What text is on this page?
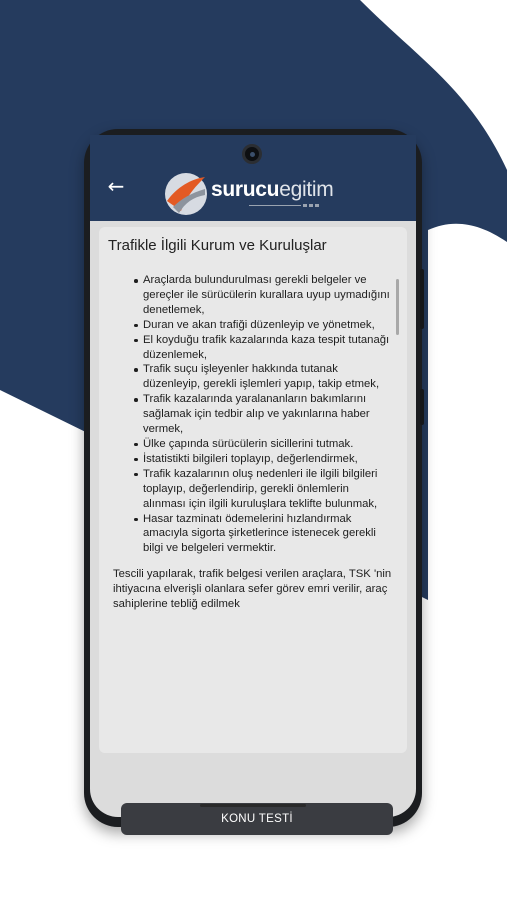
←	surucuegitim
Trafikle İlgili Kurum ve Kuruluşlar
Araçlarda bulundurulması gerekli belgeler ve gereçler ile sürücülerin kurallara uyup uymadığını denetlemek,
Duran ve akan trafiği düzenleyip ve yönetmek,
El koyduğu trafik kazalarında kaza tespit tutanağı düzenlemek,
Trafik suçu işleyenler hakkında tutanak düzenleyip, gerekli işlemleri yapıp, takip etmek,
Trafik kazalarında yaralananların bakımlarını sağlamak için tedbir alıp ve yakınlarına haber vermek,
Ülke çapında sürücülerin sicillerini tutmak.
İstatistikti bilgileri toplayıp, değerlendirmek,
Trafik kazalarının oluş nedenleri ile ilgili bilgileri toplayıp, değerlendirip, gerekli önlemlerin alınması için ilgili kuruluşlara teklifte bulunmak,
Hasar tazminatı ödemelerini hızlandırmak amacıyla sigorta şirketlerince istenecek gerekli bilgi ve belgeleri vermektir.

Tescili yapılarak, trafik belgesi verilen araçlara, TSK 'nin ihtiyacına elverişli olanlara sefer görev emri verilir, araç sahiplerine tebliğ edilmek

KONU TESTİ
